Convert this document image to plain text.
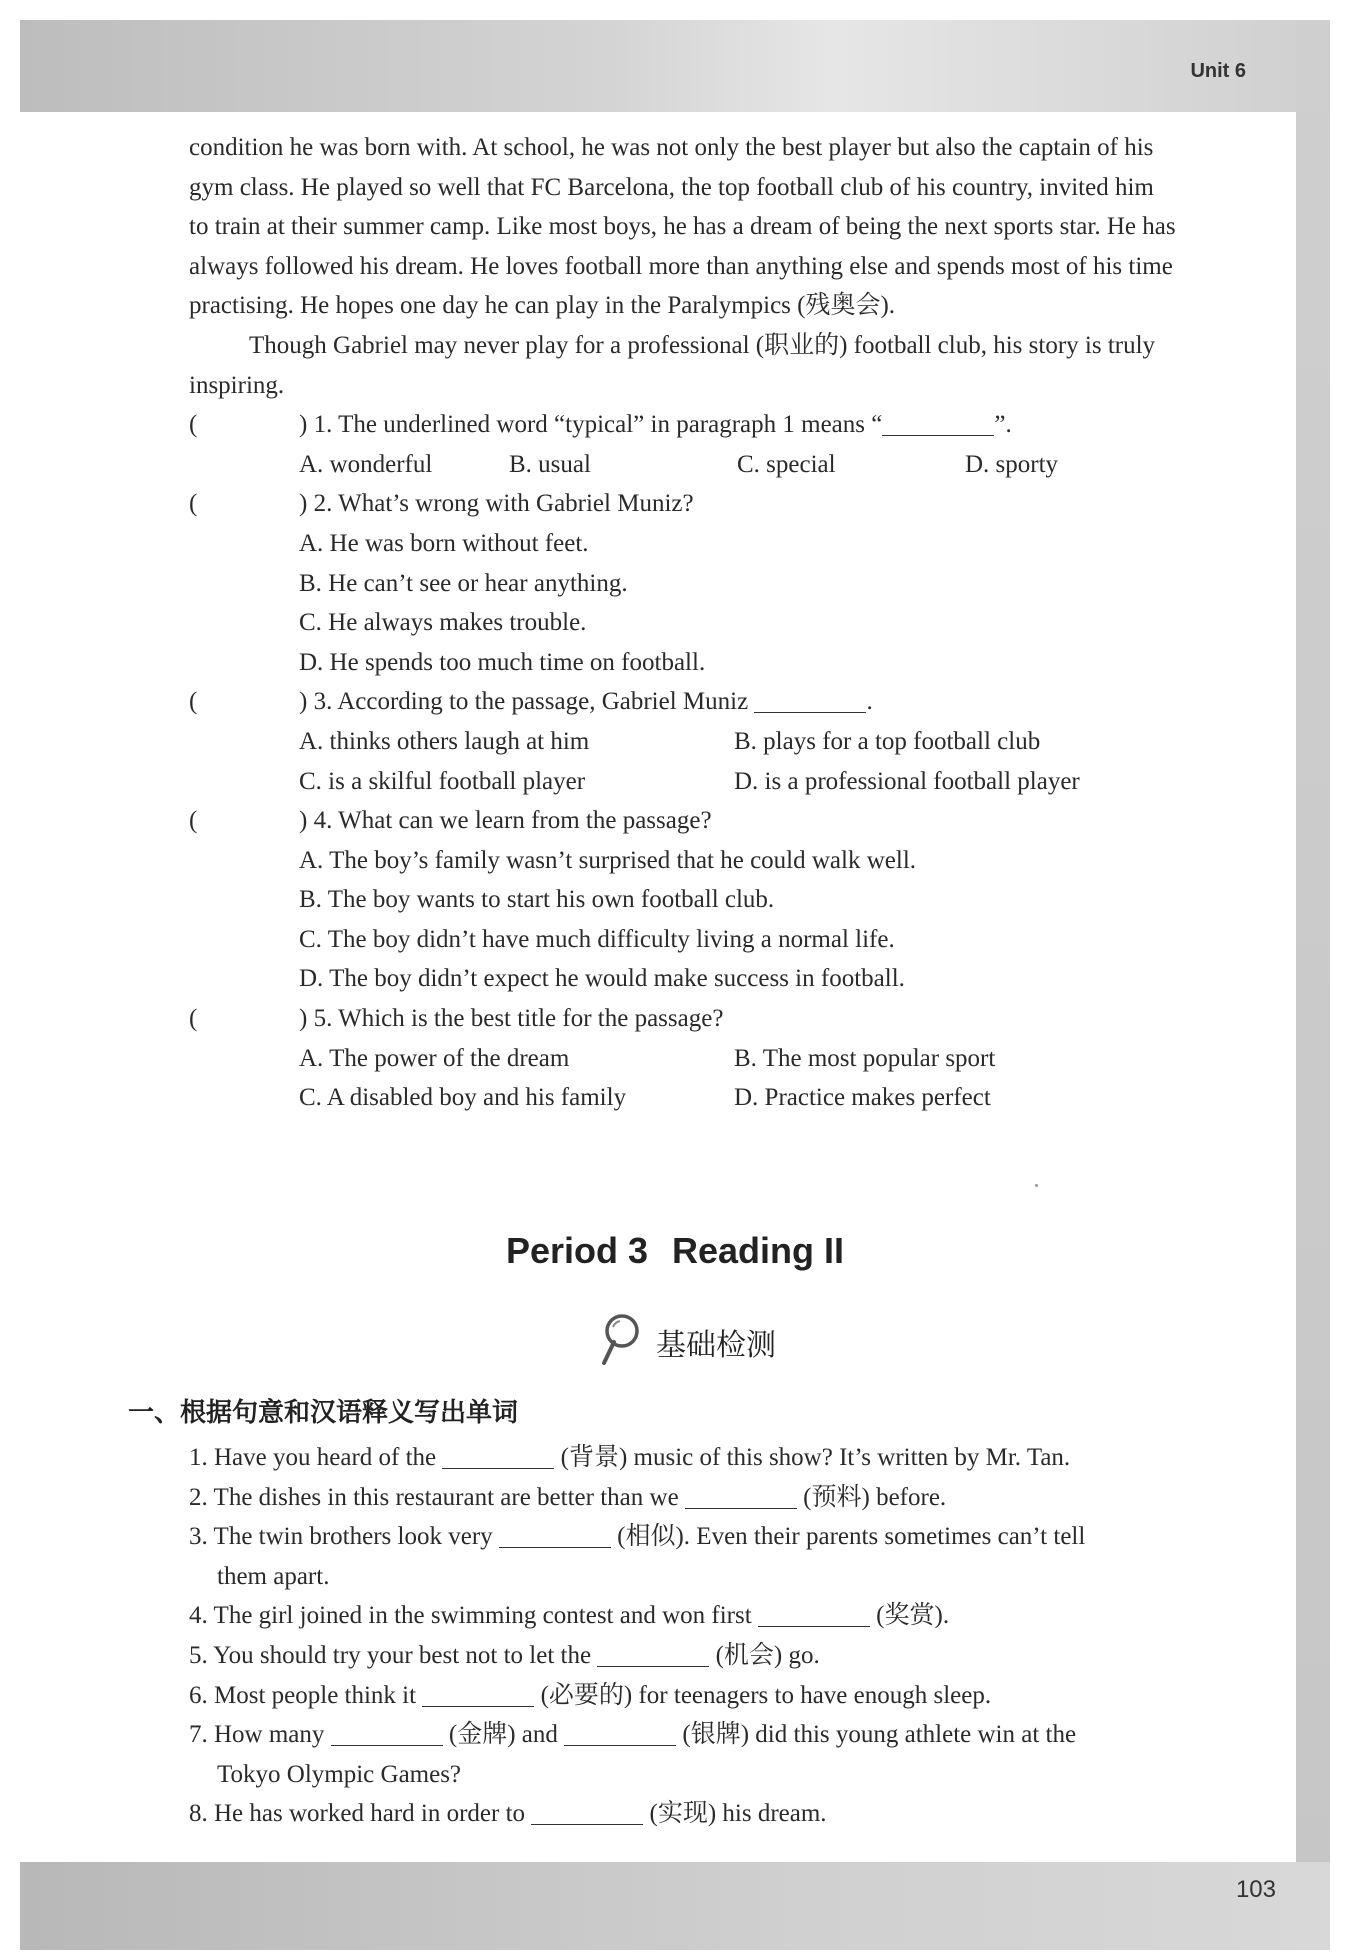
Unit 6

condition he was born with. At school, he was not only the best player but also the captain of his

gym class. He played so well that FC Barcelona, the top football club of his country, invited him

to train at their summer camp. Like most boys, he has a dream of being the next sports star. He has

always followed his dream. He loves football more than anything else and spends most of his time

practising. He hopes one day he can play in the Paralympics (残奥会).

Though Gabriel may never play for a professional (职业的) football club, his story is truly

inspiring.

(	) 1. The underlined word “typical” in paragraph 1 means “	”.
A. wonderful	B. usual	C. special	D. sporty
(	) 2. What’s wrong with Gabriel Muniz?
A. He was born without feet.
B. He can’t see or hear anything.
C. He always makes trouble.
D. He spends too much time on football.
(	) 3. According to the passage, Gabriel Muniz	.
A. thinks others laugh at him	B. plays for a top football club
C. is a skilful football player	D. is a professional football player
(	) 4. What can we learn from the passage?
A. The boy’s family wasn’t surprised that he could walk well.
B. The boy wants to start his own football club.
C. The boy didn’t have much difficulty living a normal life.
D. The boy didn’t expect he would make success in football.
(	) 5. Which is the best title for the passage?
A. The power of the dream	B. The most popular sport
C. A disabled boy and his family	D. Practice makes perfect
Period 3 Reading II
基础检测
一、根据句意和汉语释义写出单词

1. Have you heard of the	(背景) music of this show? It’s written by Mr. Tan.

2. The dishes in this restaurant are better than we	(预料) before.

3. The twin brothers look very	(相似). Even their parents sometimes can’t tell

them apart.

4. The girl joined in the swimming contest and won first	(奖赏).

5. You should try your best not to let the	(机会) go.

6. Most people think it	(必要的) for teenagers to have enough sleep.

7. How many	(金牌) and	(银牌) did this young athlete win at the

Tokyo Olympic Games?

8. He has worked hard in order to	(实现) his dream.

103
